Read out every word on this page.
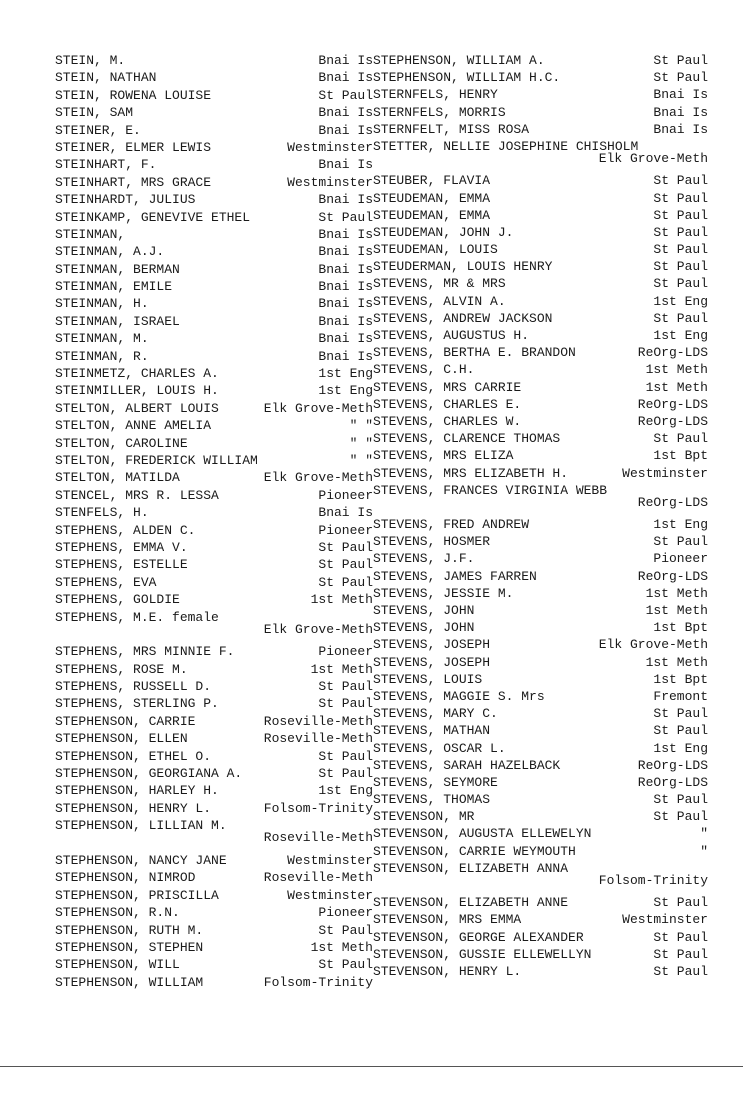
STEIN, M.	Bnai Is
STEIN, NATHAN	Bnai Is
STEIN, ROWENA LOUISE	St Paul
STEIN, SAM	Bnai Is
STEINER, E.	Bnai Is
STEINER, ELMER LEWIS	Westminster
STEINHART, F.	Bnai Is
STEINHART, MRS GRACE	Westminster
STEINHARDT, JULIUS	Bnai Is
STEINKAMP, GENEVIVE ETHEL	St Paul
STEINMAN,	Bnai Is
STEINMAN, A.J.	Bnai Is
STEINMAN, BERMAN	Bnai Is
STEINMAN, EMILE	Bnai Is
STEINMAN, H.	Bnai Is
STEINMAN, ISRAEL	Bnai Is
STEINMAN, M.	Bnai Is
STEINMAN, R.	Bnai Is
STEINMETZ, CHARLES A.	1st Eng
STEINMILLER, LOUIS H.	1st Eng
STELTON, ALBERT LOUIS	Elk Grove-Meth
STELTON, ANNE AMELIA	" "
STELTON, CAROLINE	" "
STELTON, FREDERICK WILLIAM	" "
STELTON, MATILDA	Elk Grove-Meth
STENCEL, MRS R. LESSA	Pioneer
STENFELS, H.	Bnai Is
STEPHENS, ALDEN C.	Pioneer
STEPHENS, EMMA V.	St Paul
STEPHENS, ESTELLE	St Paul
STEPHENS, EVA	St Paul
STEPHENS, GOLDIE	1st Meth
STEPHENS, M.E. female
Elk Grove-Meth
STEPHENS, MRS MINNIE F.	Pioneer
STEPHENS, ROSE M.	1st Meth
STEPHENS, RUSSELL D.	St Paul
STEPHENS, STERLING P.	St Paul
STEPHENSON, CARRIE	Roseville-Meth
STEPHENSON, ELLEN	Roseville-Meth
STEPHENSON, ETHEL O.	St Paul
STEPHENSON, GEORGIANA A.	St Paul
STEPHENSON, HARLEY H.	1st Eng
STEPHENSON, HENRY L.	Folsom-Trinity
STEPHENSON, LILLIAN M.
Roseville-Meth
STEPHENSON, NANCY JANE	Westminster
STEPHENSON, NIMROD	Roseville-Meth
STEPHENSON, PRISCILLA	Westminster
STEPHENSON, R.N.	Pioneer
STEPHENSON, RUTH M.	St Paul
STEPHENSON, STEPHEN	1st Meth
STEPHENSON, WILL	St Paul
STEPHENSON, WILLIAM	Folsom-Trinity
STEPHENSON, WILLIAM A.	St Paul
STEPHENSON, WILLIAM H.C.	St Paul
STERNFELS, HENRY	Bnai Is
STERNFELS, MORRIS	Bnai Is
STERNFELT, MISS ROSA	Bnai Is
STETTER, NELLIE JOSEPHINE CHISHOLM
Elk Grove-Meth
STEUBER, FLAVIA	St Paul
STEUDEMAN, EMMA	St Paul
STEUDEMAN, EMMA	St Paul
STEUDEMAN, JOHN J.	St Paul
STEUDEMAN, LOUIS	St Paul
STEUDERMAN, LOUIS HENRY	St Paul
STEVENS, MR & MRS	St Paul
STEVENS, ALVIN A.	1st Eng
STEVENS, ANDREW JACKSON	St Paul
STEVENS, AUGUSTUS H.	1st Eng
STEVENS, BERTHA E. BRANDON	ReOrg-LDS
STEVENS, C.H.	1st Meth
STEVENS, MRS CARRIE	1st Meth
STEVENS, CHARLES E.	ReOrg-LDS
STEVENS, CHARLES W.	ReOrg-LDS
STEVENS, CLARENCE THOMAS	St Paul
STEVENS, MRS ELIZA	1st Bpt
STEVENS, MRS ELIZABETH H.	Westminster
STEVENS, FRANCES VIRGINIA WEBB
ReOrg-LDS
STEVENS, FRED ANDREW	1st Eng
STEVENS, HOSMER	St Paul
STEVENS, J.F.	Pioneer
STEVENS, JAMES FARREN	ReOrg-LDS
STEVENS, JESSIE M.	1st Meth
STEVENS, JOHN	1st Meth
STEVENS, JOHN	1st Bpt
STEVENS, JOSEPH	Elk Grove-Meth
STEVENS, JOSEPH	1st Meth
STEVENS, LOUIS	1st Bpt
STEVENS, MAGGIE S. Mrs	Fremont
STEVENS, MARY C.	St Paul
STEVENS, MATHAN	St Paul
STEVENS, OSCAR L.	1st Eng
STEVENS, SARAH HAZELBACK	ReOrg-LDS
STEVENS, SEYMORE	ReOrg-LDS
STEVENS, THOMAS	St Paul
STEVENSON, MR	St Paul
STEVENSON, AUGUSTA ELLEWELYN	"
STEVENSON, CARRIE WEYMOUTH	"
STEVENSON, ELIZABETH ANNA
Folsom-Trinity
STEVENSON, ELIZABETH ANNE	St Paul
STEVENSON, MRS EMMA	Westminster
STEVENSON, GEORGE ALEXANDER	St Paul
STEVENSON, GUSSIE ELLEWELLYN	St Paul
STEVENSON, HENRY L.	St Paul
